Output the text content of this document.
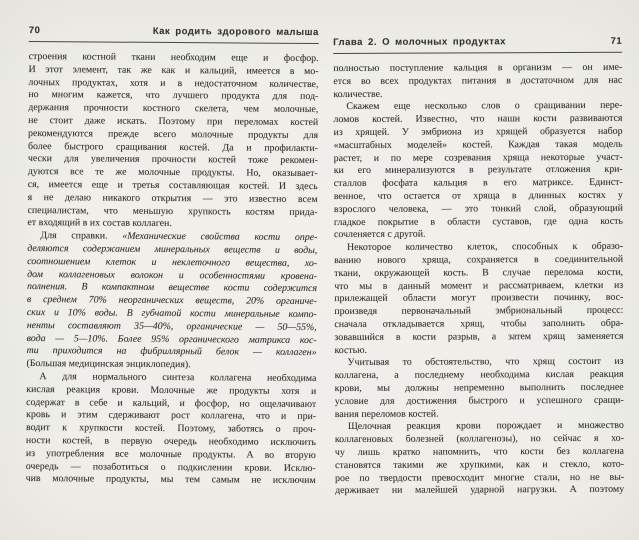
70	Как родить здорового малыша
строения костной ткани необходим еще и фосфор.
И этот элемент, так же как и кальций, имеется в мо-
лочных продуктах, хотя и в недостаточном количестве,
но многим кажется, что лучшего продукта для под-
держания прочности костного скелета, чем молочные,
не стоит даже искать. Поэтому при переломах костей
рекомендуются прежде всего молочные продукты для
более быстрого сращивания костей. Да и профилакти-
чески для увеличения прочности костей тоже рекомен-
дуются все те же молочные продукты. Но, оказывает-
ся, имеется еще и третья составляющая костей. И здесь
я не делаю никакого открытия — это известно всем
специалистам, что меньшую хрупкость костям прида-
ет входящий в их состав коллаген.
Для справки. «Механические свойства кости опре-
деляются содержанием минеральных веществ и воды,
соотношением клеток и неклеточного вещества, хо-
дом коллагеновых волокон и особенностями кровена-
полнения. В компактном веществе кости содержится
в среднем 70% неорганических веществ, 20% органиче-
ских и 10% воды. В губчатой кости минеральные компо-
ненты составляют 35—40%, органические — 50—55%,
вода — 5—10%. Более 95% органического матрикса кос-
ти приходится на фибриллярный белок — коллаген»
(Большая медицинская энциклопедия).
А для нормального синтеза коллагена необходима
кислая реакция крови. Молочные же продукты хотя и
содержат в себе и кальций, и фосфор, но ощелачивают
кровь и этим сдерживают рост коллагена, что и при-
водит к хрупкости костей. Поэтому, заботясь о проч-
ности костей, в первую очередь необходимо исключить
из употребления все молочные продукты. А во вторую
очередь — позаботиться о подкислении крови. Исклю-
чив молочные продукты, мы тем самым не исключим
Глава 2. О молочных продуктах	71
полностью поступление кальция в организм — он име-
ется во всех продуктах питания в достаточном для нас
количестве.
Скажем еще несколько слов о сращивании пере-
ломов костей. Известно, что наши кости развиваются
из хрящей. У эмбриона из хрящей образуется набор
«масштабных моделей» костей. Каждая такая модель
растет, и по мере созревания хряща некоторые участ-
ки его минерализуются в результате отложения кри-
сталлов фосфата кальция в его матриксе. Единст-
венное, что остается от хряща в длинных костях у
взрослого человека, — это тонкий слой, образующий
гладкое покрытие в области суставов, где одна кость
сочленяется с другой.
Некоторое количество клеток, способных к образо-
ванию нового хряща, сохраняется в соединительной
ткани, окружающей кость. В случае перелома кости,
что мы в данный момент и рассматриваем, клетки из
прилежащей области могут произвести починку, вос-
произведя первоначальный эмбриональный процесс:
сначала откладывается хрящ, чтобы заполнить обра-
зовавшийся в кости разрыв, а затем хрящ заменяется
костью.
Учитывая то обстоятельство, что хрящ состоит из
коллагена, а последнему необходима кислая реакция
крови, мы должны непременно выполнить последнее
условие для достижения быстрого и успешного сращи-
вания переломов костей.
Щелочная реакция крови порождает и множество
коллагеновых болезней (коллагенозы), но сейчас я хо-
чу лишь кратко напомнить, что кости без коллагена
становятся такими же хрупкими, как и стекло, кото-
рое по твердости превосходит многие стали, но не вы-
держивает ни малейшей ударной нагрузки. А поэтому
